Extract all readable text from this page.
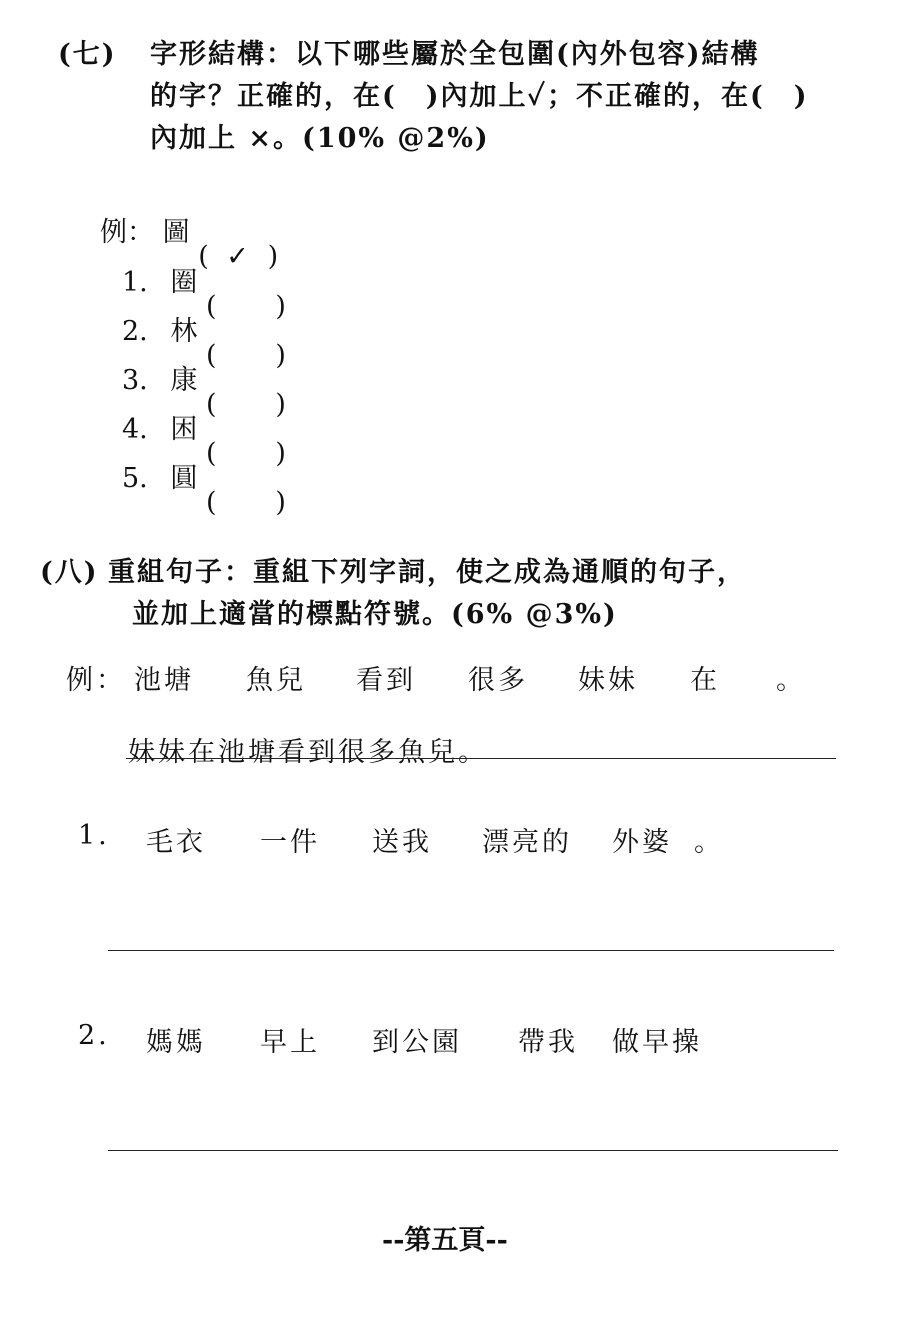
(七) 字形結構：以下哪些屬於全包圍(內外包容)結構
的字？正確的，在(　)內加上✓；不正確的，在(　)
內加上 ×。(10% @2%)
例： 圖
( ✓ )
1. 圈
( )
2. 林
( )
3. 康
( )
4. 困
( )
5. 圓
( )
(八) 重組句子：重組下列字詞，使之成為通順的句子，
並加上適當的標點符號。(6% @3%)
例： 池塘 魚兒 看到 很多 妹妹 在 。
妹妹在池塘看到很多魚兒。
1. 毛衣 一件 送我 漂亮的 外婆 。
2. 媽媽 早上 到公園 帶我 做早操
--第五頁--
